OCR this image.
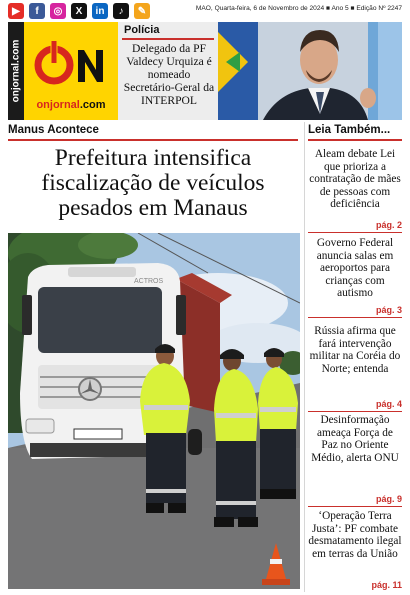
▶	f	◎	X	in	♪	✎	MAO, Quarta-feira, 6 de Novembro de 2024 ■ Ano 5 ■ Edição Nº 2247
onjornal.com
onjornal.com
Polícia
Delegado da PF Valdecy Urquiza é nomeado Secretário-Geral da INTERPOL
Manus Acontece
Prefeitura intensifica fiscalização de veículos pesados em Manaus
ACTROS
Leia Também...
Aleam debate Lei que prioriza a contratação de mães de pessoas com deficiência
pág. 2
Governo Federal anuncia salas em aeroportos para crianças com autismo
pág. 3
Rússia afirma que fará intervenção militar na Coréia do Norte; entenda
pág. 4
Desinformação ameaça Força de Paz no Oriente Médio, alerta ONU
pág. 9
‘Operação Terra Justa’: PF combate desmatamento ilegal em terras da União
pág. 11
